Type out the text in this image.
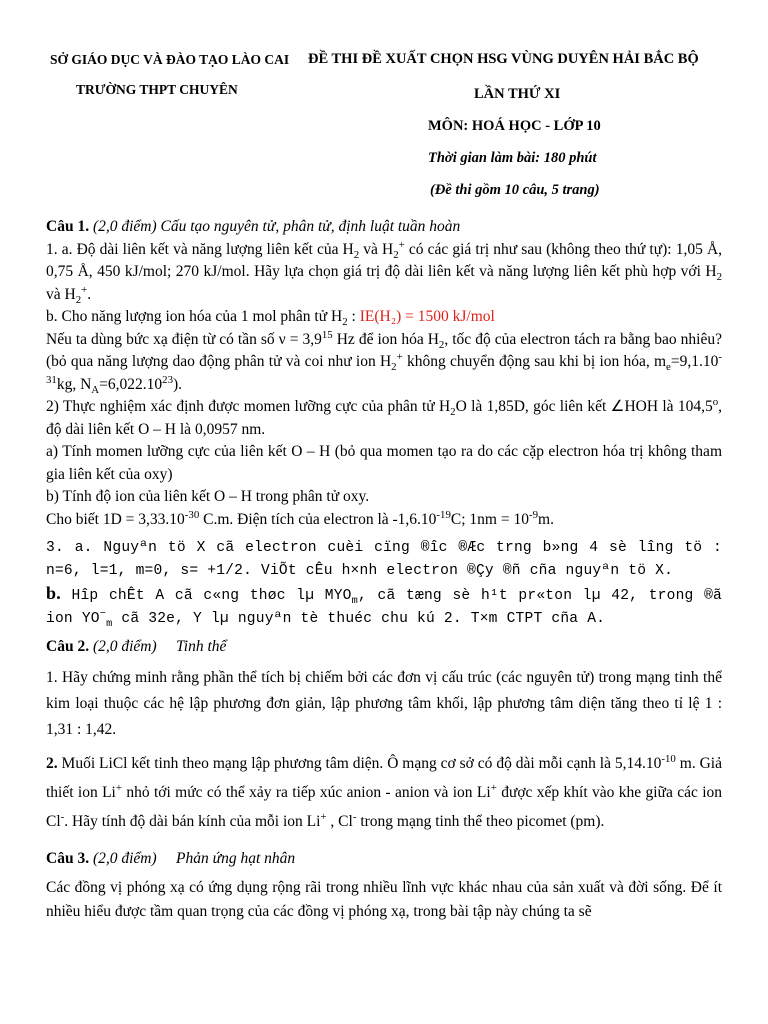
SỞ GIÁO DỤC VÀ ĐÀO TẠO LÀO CAI
TRƯỜNG THPT CHUYÊN
ĐỀ THI ĐỀ XUẤT CHỌN HSG VÙNG DUYÊN HẢI BẮC BỘ
LẦN THỨ XI
MÔN: HOÁ HỌC - LỚP 10
Thời gian làm bài: 180 phút
(Đề thi gồm 10 câu, 5 trang)

Câu 1. (2,0 điểm) Cấu tạo nguyên tử, phân tử, định luật tuần hoàn

1. a. Độ dài liên kết và năng lượng liên kết của $H_2$ và $H_2^+$ có các giá trị như sau (không theo thứ tự): 1,05 Å, 0,75 Å, 450 kJ/mol; 270 kJ/mol. Hãy lựa chọn giá trị độ dài liên kết và năng lượng liên kết phù hợp với $H_2$ và $H_2^+$.

b. Cho năng lượng ion hóa của 1 mol phân tử $H_2$ : IE(H₂) = 1500 kJ/mol

Nếu ta dùng bức xạ điện từ có tần số $\nu = 3,9^{15}$ Hz để ion hóa $H_2$, tốc độ của electron tách ra bằng bao nhiêu? (bỏ qua năng lượng dao động phân tử và coi như ion $H_2^+$ không chuyển động sau khi bị ion hóa, $m_e=9,1.10^{-31}kg$, $N_A=6,022.10^{23}$).

2) Thực nghiệm xác định được momen lưỡng cực của phân tử $H_2O$ là 1,85D, góc liên kết ∠HOH là 104,5$^o$, độ dài liên kết O – H là 0,0957 nm.

a) Tính momen lưỡng cực của liên kết O – H (bỏ qua momen tạo ra do các cặp electron hóa trị không tham gia liên kết của oxy)

b) Tính độ ion của liên kết O – H trong phân tử oxy.

Cho biết $1D = 3,33.10^{-30}$ C.m. Điện tích của electron là $-1,6.10^{-19}C$; $1nm = 10^{-9}m$.

3. a. Nguyªn tö X cã electron cuèi cïng ®îc ®Æc trng b»ng 4 sè lîng tö : n=6, l=1, m=0, s= +1/2. ViÕt cÊu h×nh electron ®Çy ®ñ cña nguyªn tö X.

b. Hîp chÊt A cã c«ng thøc lµ $MYO_m$, cã tæng sè h¹t pr«ton lµ 42, trong ®ã ion $YO^-_m$ cã 32e, Y lµ nguyªn tè thuéc chu kú 2. T×m CTPT cña A.

Câu 2. (2,0 điểm) Tinh thể

1. Hãy chứng minh rằng phần thể tích bị chiếm bởi các đơn vị cấu trúc (các nguyên tử) trong mạng tinh thể kim loại thuộc các hệ lập phương đơn giản, lập phương tâm khối, lập phương tâm diện tăng theo tỉ lệ 1 : 1,31 : 1,42.

2. Muối LiCl kết tinh theo mạng lập phương tâm diện. Ô mạng cơ sở có độ dài mỗi cạnh là $5,14.10^{-10}$ m. Giả thiết ion Li+ nhỏ tới mức có thể xảy ra tiếp xúc anion - anion và ion Li+ được xếp khít vào khe giữa các ion Cl-. Hãy tính độ dài bán kính của mỗi ion Li+ , Cl- trong mạng tinh thể theo picomet (pm).

Câu 3. (2,0 điểm) Phản ứng hạt nhân

Các đồng vị phóng xạ có ứng dụng rộng rãi trong nhiều lĩnh vực khác nhau của sản xuất và đời sống. Để ít nhiều hiểu được tầm quan trọng của các đồng vị phóng xạ, trong bài tập này chúng ta sẽ
